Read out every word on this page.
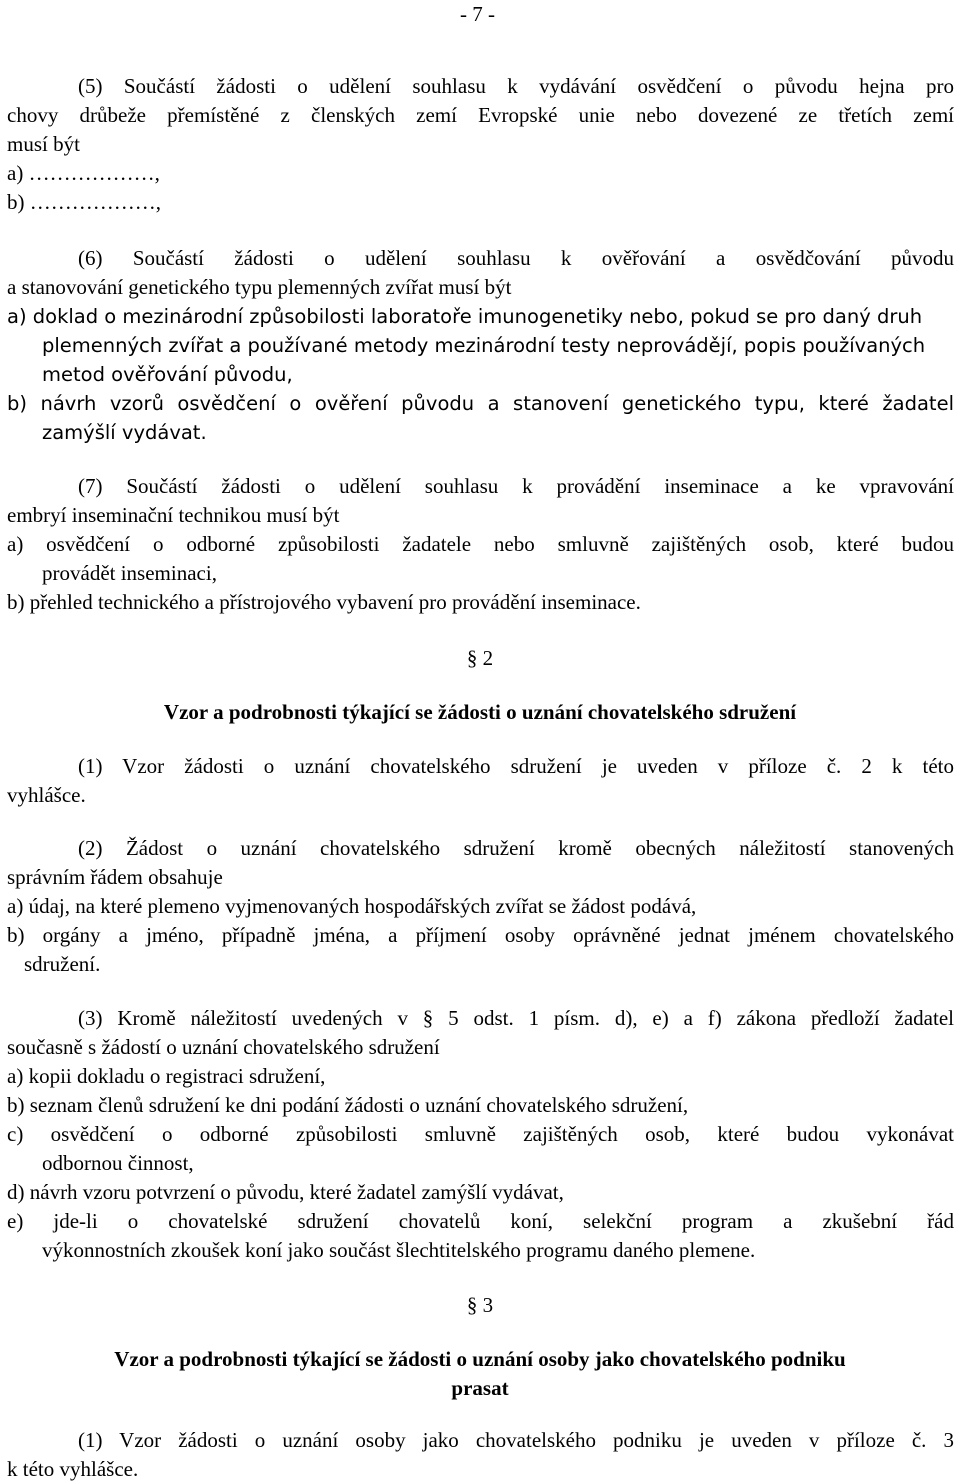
- 7 -
(5) Součástí žádosti o udělení souhlasu k vydávání osvědčení o původu hejna pro
chovy drůbeže přemístěné z členských zemí Evropské unie nebo dovezené ze třetích zemí
musí být
a) ………………,
b) ………………,
(6) Součástí žádosti o udělení souhlasu k ověřování a osvědčování původu
a stanovování genetického typu plemenných zvířat musí být
a) doklad o mezinárodní způsobilosti laboratoře imunogenetiky nebo, pokud se pro daný druh
plemenných zvířat a používané metody mezinárodní testy neprovádějí, popis používaných
metod ověřování původu,
b) návrh vzorů osvědčení o ověření původu a stanovení genetického typu, které žadatel
zamýšlí vydávat.
(7) Součástí žádosti o udělení souhlasu k provádění inseminace a ke vpravování
embryí inseminační technikou musí být
a) osvědčení o odborné způsobilosti žadatele nebo smluvně zajištěných osob, které budou
provádět inseminaci,
b) přehled technického a přístrojového vybavení pro provádění inseminace.
§ 2
Vzor a podrobnosti týkající se žádosti o uznání chovatelského sdružení
(1) Vzor žádosti o uznání chovatelského sdružení je uveden v příloze č. 2 k této
vyhlášce.
(2) Žádost o uznání chovatelského sdružení kromě obecných náležitostí stanovených
správním řádem obsahuje
a) údaj, na které plemeno vyjmenovaných hospodářských zvířat se žádost podává,
b) orgány a jméno, případně jména, a příjmení osoby oprávněné jednat jménem chovatelského
sdružení.
(3) Kromě náležitostí uvedených v § 5 odst. 1 písm. d), e) a f) zákona předloží žadatel
současně s žádostí o uznání chovatelského sdružení
a) kopii dokladu o registraci sdružení,
b) seznam členů sdružení ke dni podání žádosti o uznání chovatelského sdružení,
c) osvědčení o odborné způsobilosti smluvně zajištěných osob, které budou vykonávat
odbornou činnost,
d) návrh vzoru potvrzení o původu, které žadatel zamýšlí vydávat,
e) jde-li o chovatelské sdružení chovatelů koní, selekční program a zkušební řád
výkonnostních zkoušek koní jako součást šlechtitelského programu daného plemene.
§ 3
Vzor a podrobnosti týkající se žádosti o uznání osoby jako chovatelského podniku
prasat
(1) Vzor žádosti o uznání osoby jako chovatelského podniku je uveden v příloze č. 3
k této vyhlášce.
